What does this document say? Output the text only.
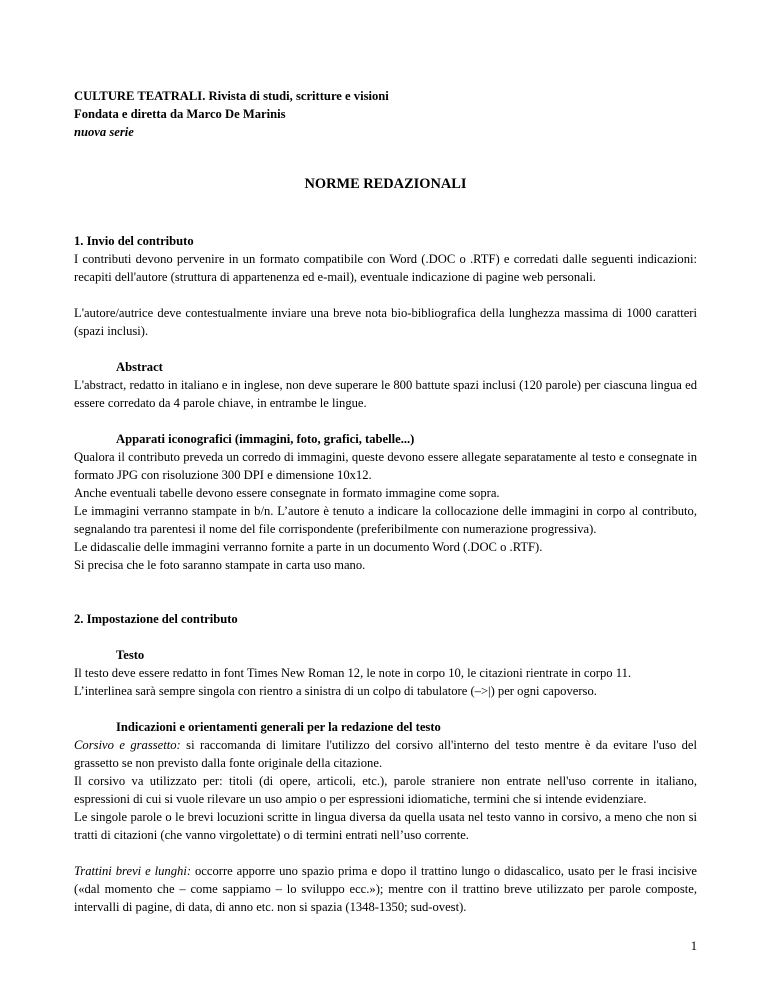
CULTURE TEATRALI. Rivista di studi, scritture e visioni
Fondata e diretta da Marco De Marinis
nuova serie
NORME REDAZIONALI

1. Invio del contributo

I contributi devono pervenire in un formato compatibile con Word (.DOC o .RTF) e corredati dalle seguenti indicazioni: recapiti dell'autore (struttura di appartenenza ed e-mail), eventuale indicazione di pagine web personali.

L'autore/autrice deve contestualmente inviare una breve nota bio-bibliografica della lunghezza massima di 1000 caratteri (spazi inclusi).

Abstract

L'abstract, redatto in italiano e in inglese, non deve superare le 800 battute spazi inclusi (120 parole) per ciascuna lingua ed essere corredato da 4 parole chiave, in entrambe le lingue.

Apparati iconografici (immagini, foto, grafici, tabelle...)

Qualora il contributo preveda un corredo di immagini, queste devono essere allegate separatamente al testo e consegnate in formato JPG con risoluzione 300 DPI e dimensione 10x12.

Anche eventuali tabelle devono essere consegnate in formato immagine come sopra.

Le immagini verranno stampate in b/n. L’autore è tenuto a indicare la collocazione delle immagini in corpo al contributo, segnalando tra parentesi il nome del file corrispondente (preferibilmente con numerazione progressiva).

Le didascalie delle immagini verranno fornite a parte in un documento Word (.DOC o .RTF).

Si precisa che le foto saranno stampate in carta uso mano.

2. Impostazione del contributo

Testo

Il testo deve essere redatto in font Times New Roman 12, le note in corpo 10, le citazioni rientrate in corpo 11.

L’interlinea sarà sempre singola con rientro a sinistra di un colpo di tabulatore (–>|) per ogni capoverso.

Indicazioni e orientamenti generali per la redazione del testo

Corsivo e grassetto: si raccomanda di limitare l'utilizzo del corsivo all'interno del testo mentre è da evitare l'uso del grassetto se non previsto dalla fonte originale della citazione.

Il corsivo va utilizzato per: titoli (di opere, articoli, etc.), parole straniere non entrate nell'uso corrente in italiano, espressioni di cui si vuole rilevare un uso ampio o per espressioni idiomatiche, termini che si intende evidenziare.

Le singole parole o le brevi locuzioni scritte in lingua diversa da quella usata nel testo vanno in corsivo, a meno che non si tratti di citazioni (che vanno virgolettate) o di termini entrati nell’uso corrente.

Trattini brevi e lunghi: occorre apporre uno spazio prima e dopo il trattino lungo o didascalico, usato per le frasi incisive («dal momento che – come sappiamo – lo sviluppo ecc.»); mentre con il trattino breve utilizzato per parole composte, intervalli di pagine, di data, di anno etc. non si spazia (1348-1350; sud-ovest).

1
